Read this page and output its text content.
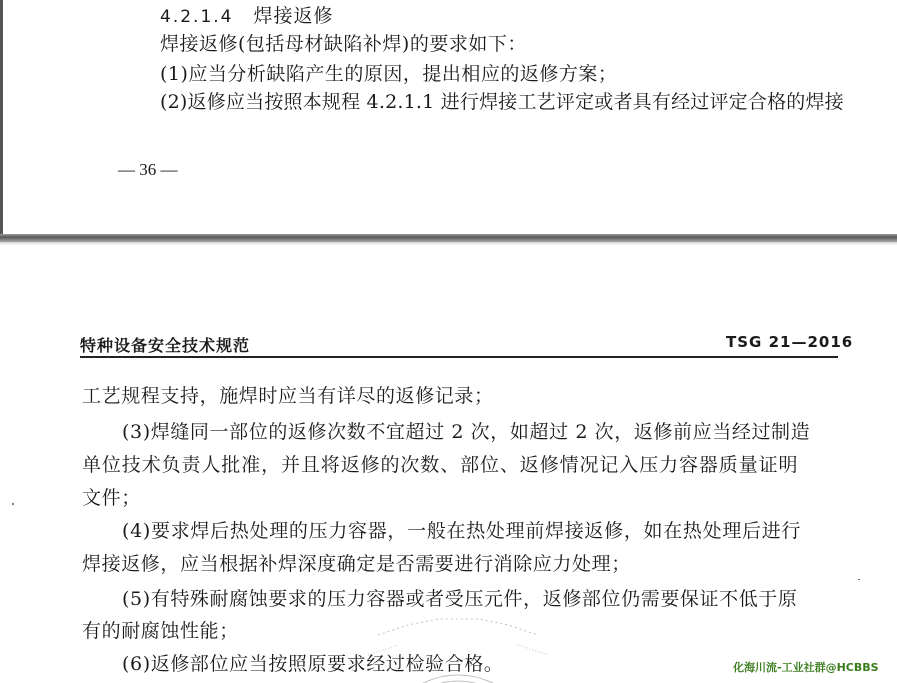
4.2.1.4 焊接返修
焊接返修(包括母材缺陷补焊)的要求如下：
(1)应当分析缺陷产生的原因，提出相应的返修方案；
(2)返修应当按照本规程 4.2.1.1 进行焊接工艺评定或者具有经过评定合格的焊接
— 36 —
特种设备安全技术规范	TSG 21—2016
工艺规程支持，施焊时应当有详尽的返修记录；
(3)焊缝同一部位的返修次数不宜超过 2 次，如超过 2 次，返修前应当经过制造
单位技术负责人批准，并且将返修的次数、部位、返修情况记入压力容器质量证明
文件；
(4)要求焊后热处理的压力容器，一般在热处理前焊接返修，如在热处理后进行
焊接返修，应当根据补焊深度确定是否需要进行消除应力处理；
(5)有特殊耐腐蚀要求的压力容器或者受压元件，返修部位仍需要保证不低于原
有的耐腐蚀性能；
(6)返修部位应当按照原要求经过检验合格。	化海川流-工业社群@HCBBS
